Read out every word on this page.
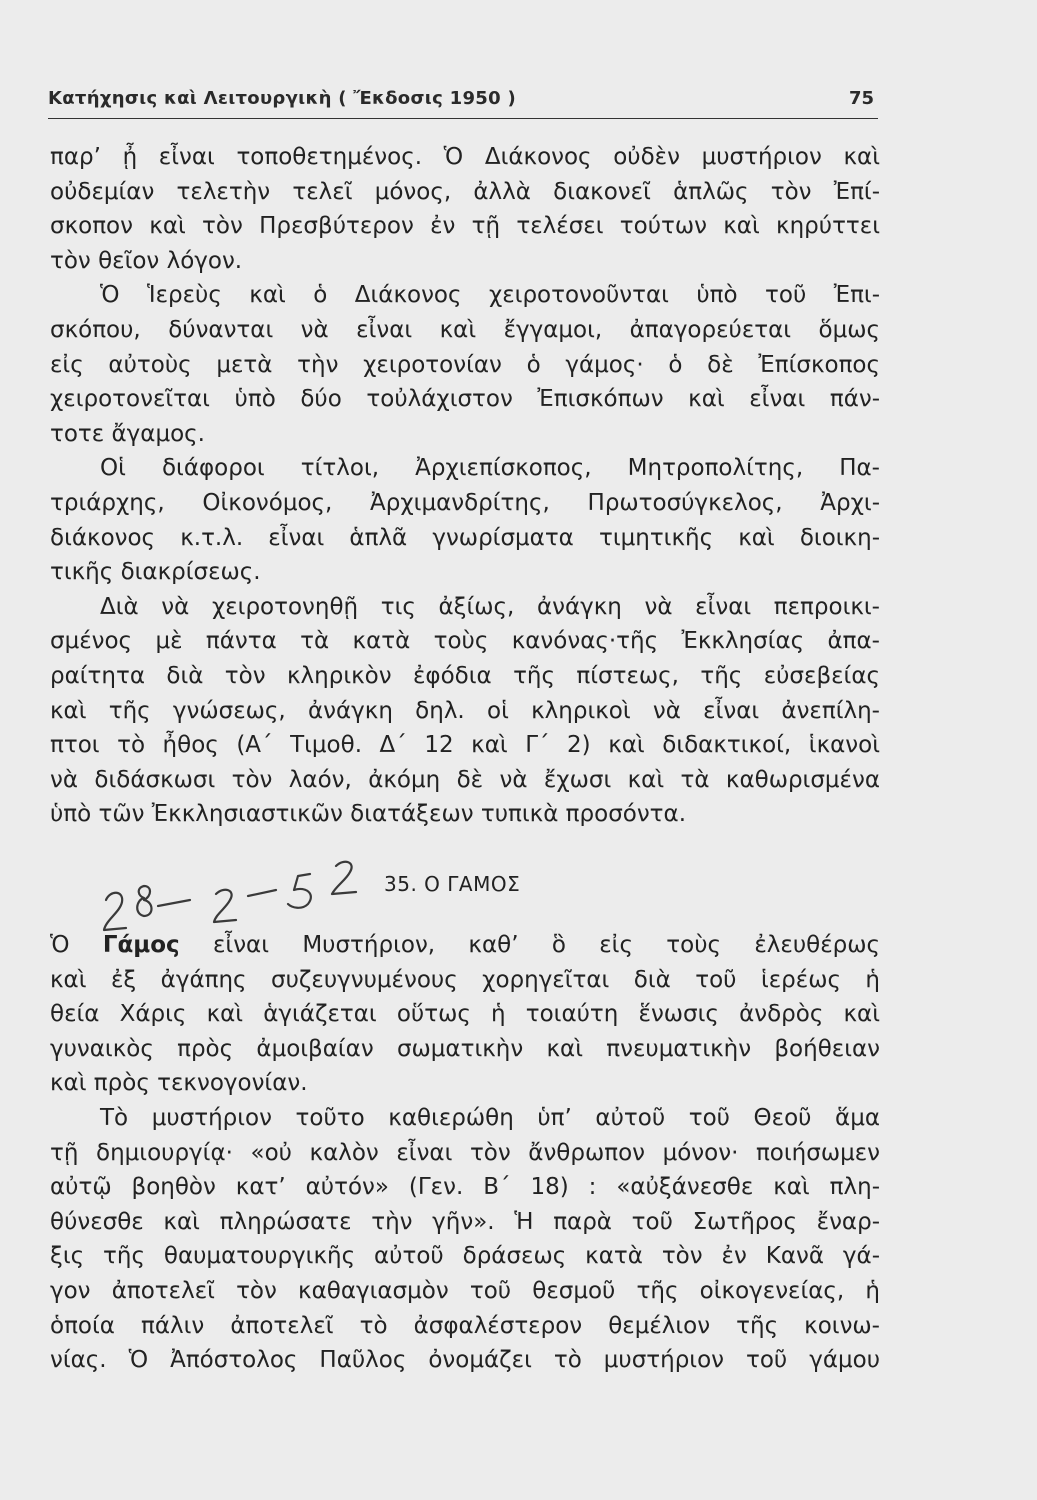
Κατήχησις καὶ Λειτουργικὴ ( Ἔκδοσις 1950 )	75
παρ’ ᾖ εἶναι τοποθετημένος. Ὁ Διάκονος οὐδὲν μυστήριον καὶ
οὐδεμίαν τελετὴν τελεῖ μόνος, ἀλλὰ διακονεῖ ἁπλῶς τὸν Ἐπί-
σκοπον καὶ τὸν Πρεσβύτερον ἐν τῇ τελέσει τούτων καὶ κηρύττει
τὸν θεῖον λόγον.
Ὁ Ἱερεὺς καὶ ὁ Διάκονος χειροτονοῦνται ὑπὸ τοῦ Ἐπι-
σκόπου, δύνανται νὰ εἶναι καὶ ἔγγαμοι, ἀπαγορεύεται ὅμως
εἰς αὐτοὺς μετὰ τὴν χειροτονίαν ὁ γάμος· ὁ δὲ Ἐπίσκοπος
χειροτονεῖται ὑπὸ δύο τοὐλάχιστον Ἐπισκόπων καὶ εἶναι πάν-
τοτε ἄγαμος.
Οἱ διάφοροι τίτλοι, Ἀρχιεπίσκοπος, Μητροπολίτης, Πα-
τριάρχης, Οἰκονόμος, Ἀρχιμανδρίτης, Πρωτοσύγκελος, Ἀρχι-
διάκονος κ.τ.λ. εἶναι ἁπλᾶ γνωρίσματα τιμητικῆς καὶ διοικη-
τικῆς διακρίσεως.
Διὰ νὰ χειροτονηθῇ τις ἀξίως, ἀνάγκη νὰ εἶναι πεπροικι-
σμένος μὲ πάντα τὰ κατὰ τοὺς κανόνας·τῆς Ἐκκλησίας ἀπα-
ραίτητα διὰ τὸν κληρικὸν ἐφόδια τῆς πίστεως, τῆς εὐσεβείας
καὶ τῆς γνώσεως, ἀνάγκη δηλ. οἱ κληρικοὶ νὰ εἶναι ἀνεπίλη-
πτοι τὸ ἦθος (Α΄ Τιμοθ. Δ΄ 12 καὶ Γ΄ 2) καὶ διδακτικοί, ἱκανοὶ
νὰ διδάσκωσι τὸν λαόν, ἀκόμη δὲ νὰ ἔχωσι καὶ τὰ καθωρισμένα
ὑπὸ τῶν Ἐκκλησιαστικῶν διατάξεων τυπικὰ προσόντα.
35. Ο ΓΑΜΟΣ
Ὁ Γάμος εἶναι Μυστήριον, καθ’ ὃ εἰς τοὺς ἐλευθέρως
καὶ ἐξ ἀγάπης συζευγνυμένους χορηγεῖται διὰ τοῦ ἱερέως ἡ
θεία Χάρις καὶ ἁγιάζεται οὕτως ἡ τοιαύτη ἕνωσις ἀνδρὸς καὶ
γυναικὸς πρὸς ἀμοιβαίαν σωματικὴν καὶ πνευματικὴν βοήθειαν
καὶ πρὸς τεκνογονίαν.
Τὸ μυστήριον τοῦτο καθιερώθη ὑπ’ αὐτοῦ τοῦ Θεοῦ ἅμα
τῇ δημιουργίᾳ· «οὐ καλὸν εἶναι τὸν ἄνθρωπον μόνον· ποιήσωμεν
αὐτῷ βοηθὸν κατ’ αὐτόν» (Γεν. Β΄ 18) : «αὐξάνεσθε καὶ πλη-
θύνεσθε καὶ πληρώσατε τὴν γῆν». Ἡ παρὰ τοῦ Σωτῆρος ἔναρ-
ξις τῆς θαυματουργικῆς αὐτοῦ δράσεως κατὰ τὸν ἐν Κανᾶ γά-
γον ἀποτελεῖ τὸν καθαγιασμὸν τοῦ θεσμοῦ τῆς οἰκογενείας, ἡ
ὁποία πάλιν ἀποτελεῖ τὸ ἀσφαλέστερον θεμέλιον τῆς κοινω-
νίας. Ὁ Ἀπόστολος Παῦλος ὀνομάζει τὸ μυστήριον τοῦ γάμου
